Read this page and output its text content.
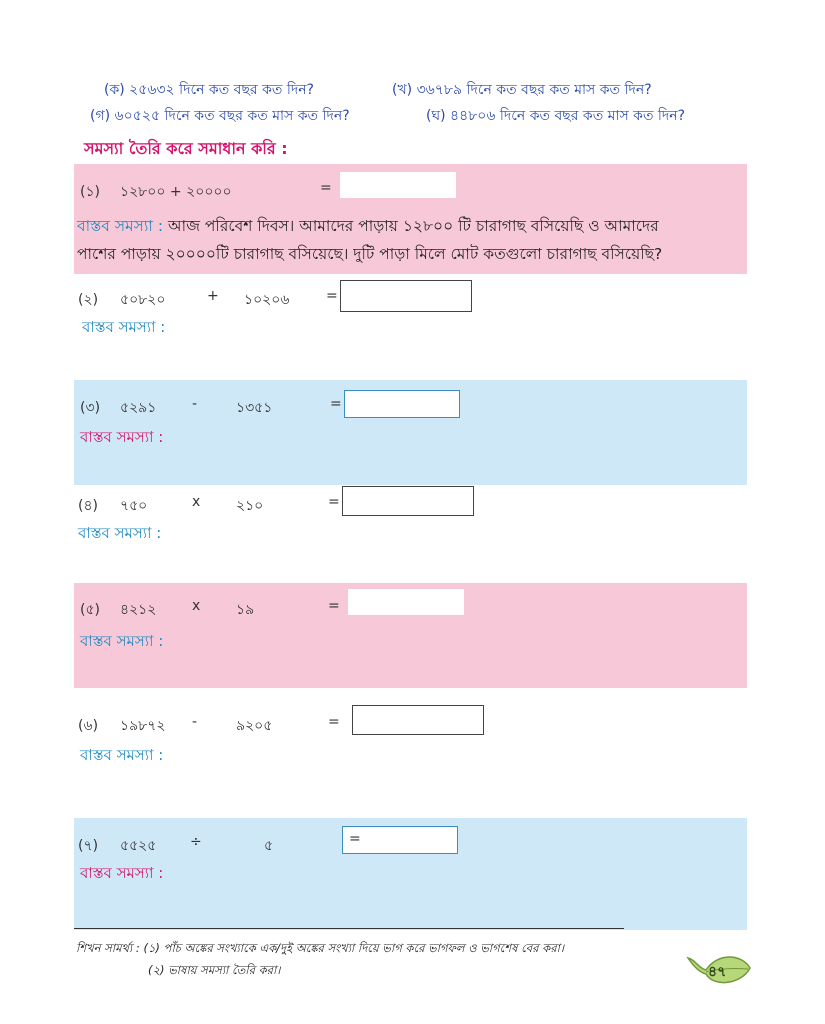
(ক) ২৫৬৩২ দিনে কত বছর কত দিন?	(খ) ৩৬৭৮৯ দিনে কত বছর কত মাস কত দিন?
(গ) ৬০৫২৫ দিনে কত বছর কত মাস কত দিন?	(ঘ) ৪৪৮০৬ দিনে কত বছর কত মাস কত দিন?
সমস্যা তৈরি করে সমাধান করি :
(১) ১২৮০০ + ২০০০০	=
বাস্তব সমস্যা : আজ পরিবেশ দিবস। আমাদের পাড়ায় ১২৮০০ টি চারাগাছ বসিয়েছি ও আমাদের
পাশের পাড়ায় ২০০০০টি চারাগাছ বসিয়েছে। দুটি পাড়া মিলে মোট কতগুলো চারাগাছ বসিয়েছি?
(২) ৫০৮২০	+ ১০২০৬	=
বাস্তব সমস্যা :
(৩) ৫২৯১	-	১৩৫১	=
বাস্তব সমস্যা :
(৪) ৭৫০	x	২১০	=
বাস্তব সমস্যা :
(৫) ৪২১২	x	১৯	=
বাস্তব সমস্যা :
(৬) ১৯৮৭২ -	৯২০৫	=
বাস্তব সমস্যা :
(৭) ৫৫২৫ ÷	৫	=
বাস্তব সমস্যা :
শিখন সামর্থ্য : (১) পাঁচ অঙ্কের সংখ্যাকে এক/দুই অঙ্কের সংখ্যা দিয়ে ভাগ করে ভাগফল ও ভাগশেষ বের করা।
(২) ভাষায় সমস্যা তৈরি করা।	৪৭
